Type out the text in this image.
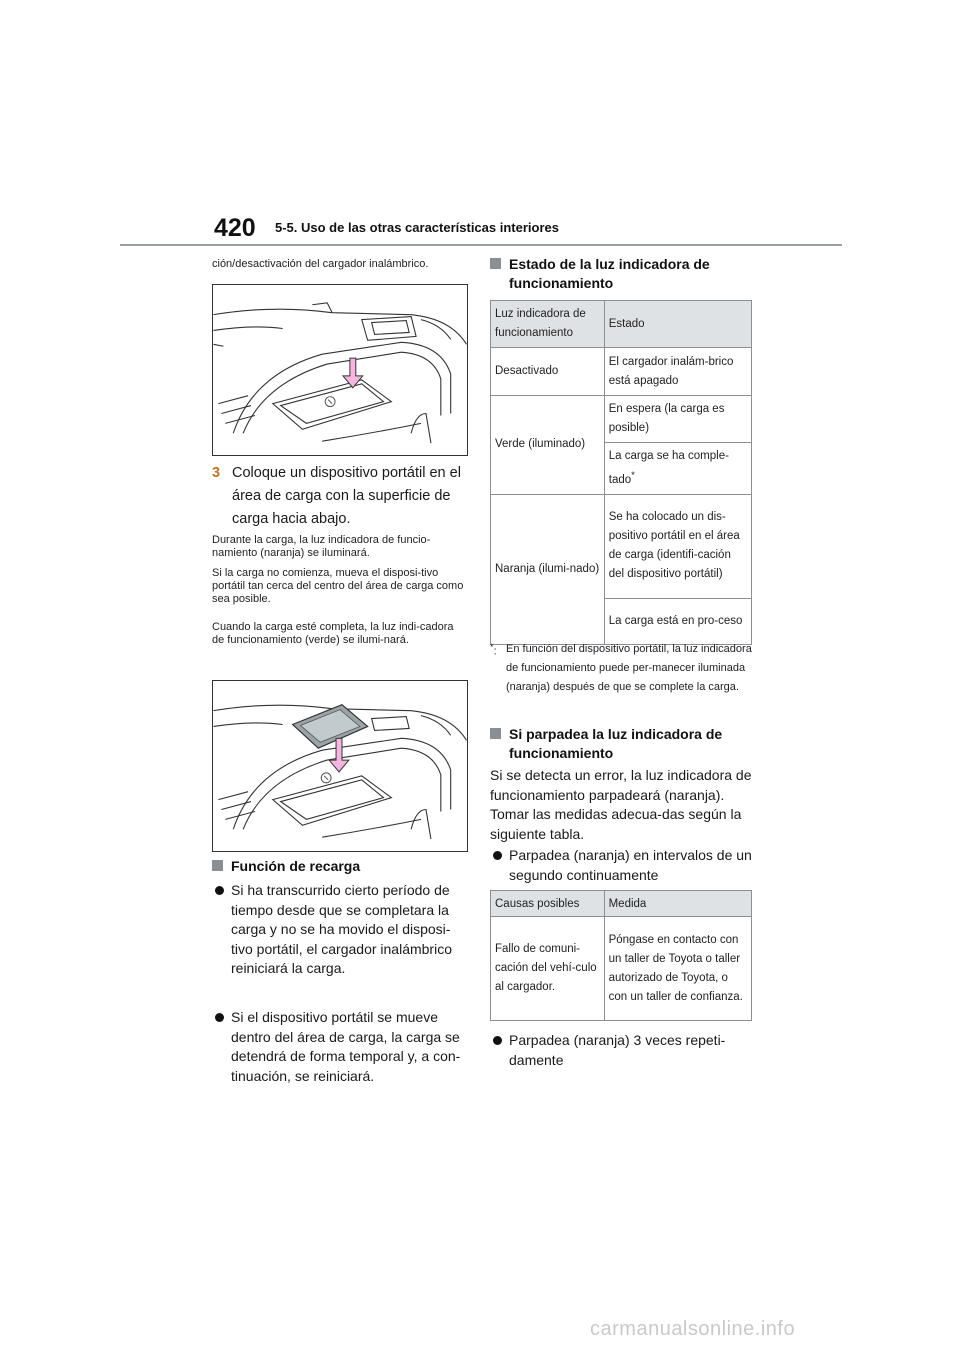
420 5-5. Uso de las otras características interiores
ción/desactivación del cargador inalámbrico.
3 Coloque un dispositivo portátil en el área de carga con la superficie de carga hacia abajo.
Durante la carga, la luz indicadora de funcio-namiento (naranja) se iluminará.
Si la carga no comienza, mueva el disposi-tivo portátil tan cerca del centro del área de carga como sea posible.
Cuando la carga esté completa, la luz indi-cadora de funcionamiento (verde) se ilumi-nará.
Función de recarga
Si ha transcurrido cierto período de tiempo desde que se completara la carga y no se ha movido el disposi-tivo portátil, el cargador inalámbrico reiniciará la carga.
Si el dispositivo portátil se mueve dentro del área de carga, la carga se detendrá de forma temporal y, a con-tinuación, se reiniciará.
Estado de la luz indicadora de funcionamiento
Luz indicadora de funcionamiento	Estado
Desactivado	El cargador inalám-brico está apagado
Verde (iluminado)	En espera (la carga es posible)
	La carga se ha comple-tado*
Naranja (ilumi-nado)	Se ha colocado un dis-positivo portátil en el área de carga (identifi-cación del dispositivo portátil)
	La carga está en pro-ceso
*: En función del dispositivo portátil, la luz indicadora de funcionamiento puede per-manecer iluminada (naranja) después de que se complete la carga.
Si parpadea la luz indicadora de funcionamiento
Si se detecta un error, la luz indicadora de funcionamiento parpadeará (naranja). Tomar las medidas adecua-das según la siguiente tabla.
Parpadea (naranja) en intervalos de un segundo continuamente
Causas posibles	Medida
Fallo de comuni-cación del vehí-culo al cargador.	Póngase en contacto con un taller de Toyota o taller autorizado de Toyota, o con un taller de confianza.
Parpadea (naranja) 3 veces repeti-damente
carmanualsonline.info
